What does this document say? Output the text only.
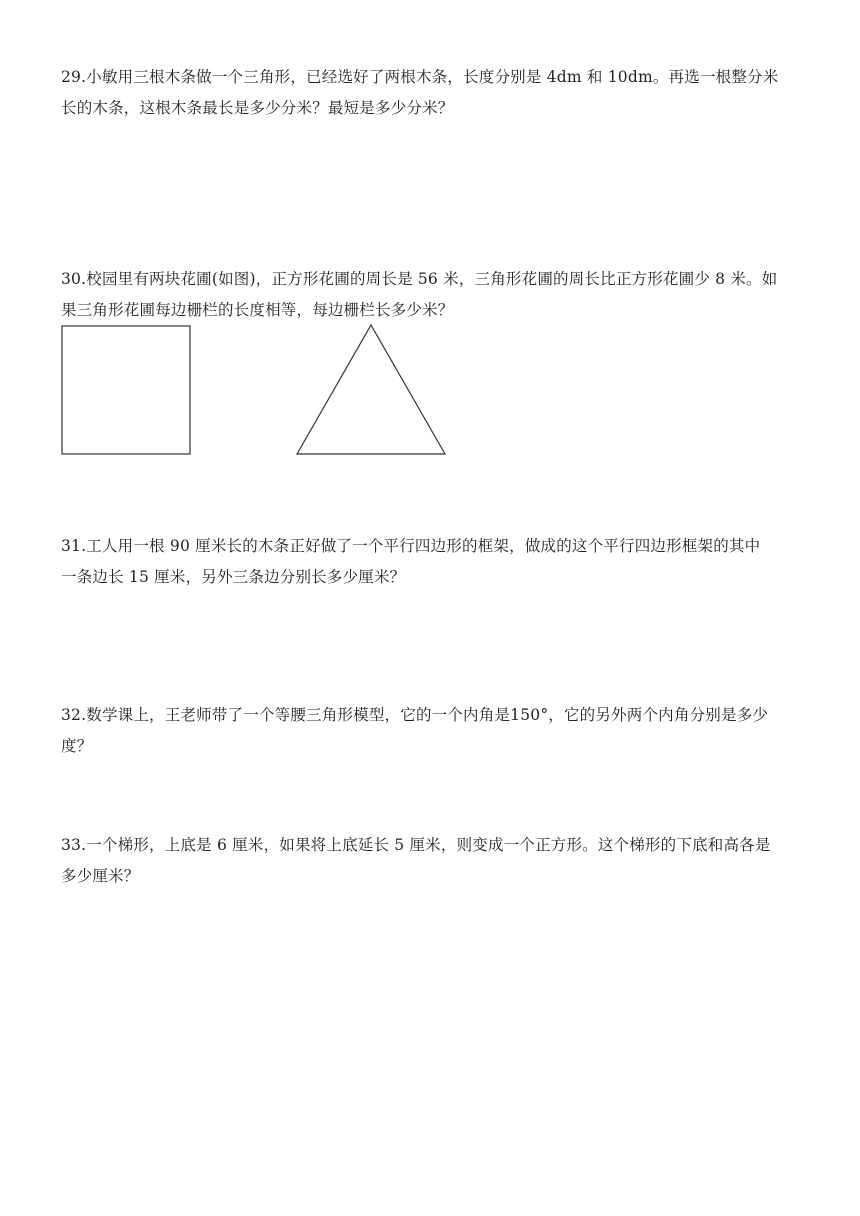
29.小敏用三根木条做一个三角形，已经选好了两根木条，长度分别是 4dm 和 10dm。再选一根整分米
长的木条，这根木条最长是多少分米？最短是多少分米？
30.校园里有两块花圃(如图)，正方形花圃的周长是 56 米，三角形花圃的周长比正方形花圃少 8 米。如
果三角形花圃每边栅栏的长度相等，每边栅栏长多少米？
31.工人用一根 90 厘米长的木条正好做了一个平行四边形的框架，做成的这个平行四边形框架的其中
一条边长 15 厘米，另外三条边分别长多少厘米？
32.数学课上，王老师带了一个等腰三角形模型，它的一个内角是150°，它的另外两个内角分别是多少
度？
33.一个梯形，上底是 6 厘米，如果将上底延长 5 厘米，则变成一个正方形。这个梯形的下底和高各是
多少厘米？
